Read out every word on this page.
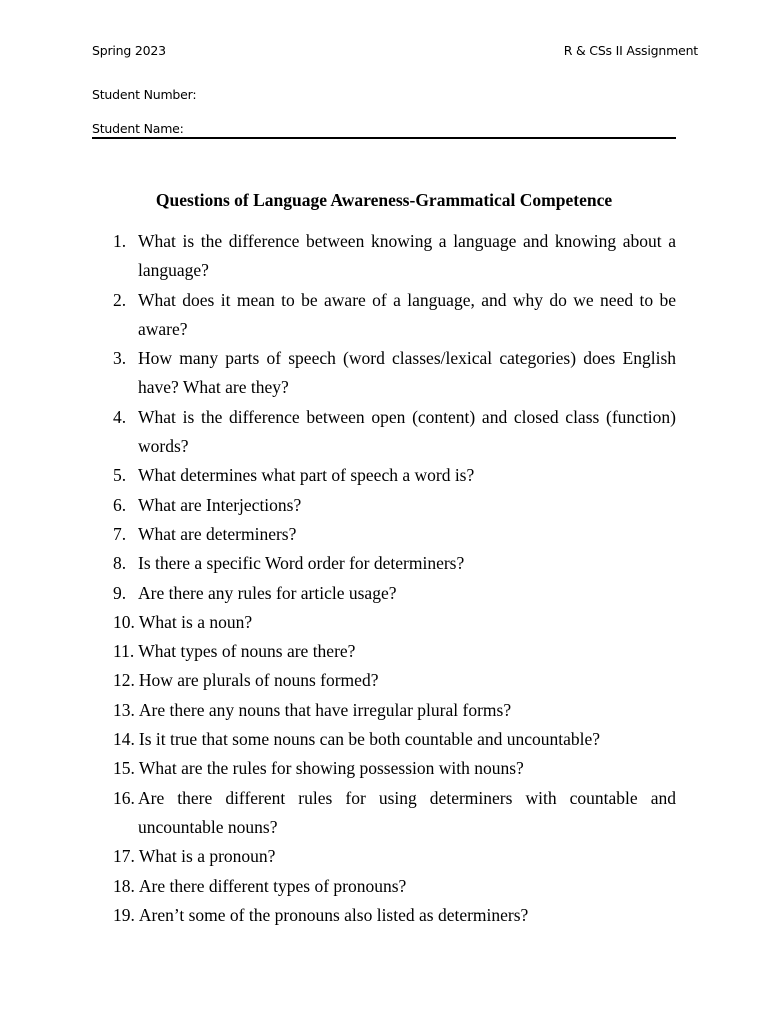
Spring 2023	R & CSs II Assignment
Student Number:
Student Name:
Questions of Language Awareness-Grammatical Competence
1. What is the difference between knowing a language and knowing about a language?
2. What does it mean to be aware of a language, and why do we need to be aware?
3. How many parts of speech (word classes/lexical categories) does English have? What are they?
4. What is the difference between open (content) and closed class (function) words?
5. What determines what part of speech a word is?
6. What are Interjections?
7. What are determiners?
8. Is there a specific Word order for determiners?
9. Are there any rules for article usage?
10. What is a noun?
11. What types of nouns are there?
12. How are plurals of nouns formed?
13. Are there any nouns that have irregular plural forms?
14. Is it true that some nouns can be both countable and uncountable?
15. What are the rules for showing possession with nouns?
16. Are there different rules for using determiners with countable and uncountable nouns?
17. What is a pronoun?
18. Are there different types of pronouns?
19. Aren’t some of the pronouns also listed as determiners?
